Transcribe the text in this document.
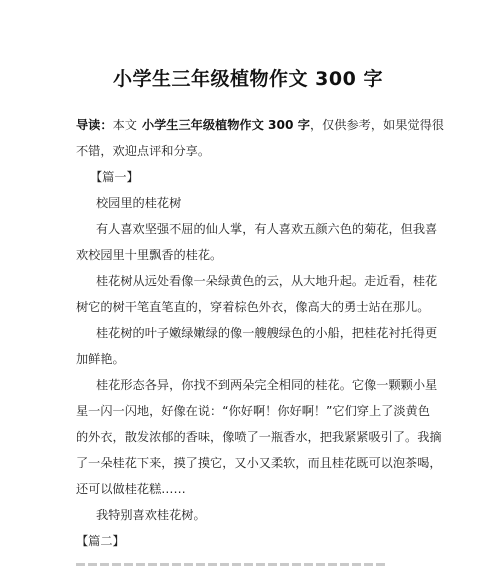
小学生三年级植物作文 300 字
导读：本文 小学生三年级植物作文 300 字，仅供参考，如果觉得很
不错，欢迎点评和分享。
【篇一】
校园里的桂花树
有人喜欢坚强不屈的仙人掌，有人喜欢五颜六色的菊花，但我喜
欢校园里十里飘香的桂花。
桂花树从远处看像一朵绿黄色的云，从大地升起。走近看，桂花
树它的树干笔直笔直的，穿着棕色外衣，像高大的勇士站在那儿。
桂花树的叶子嫩绿嫩绿的像一艘艘绿色的小船，把桂花衬托得更
加鲜艳。
桂花形态各异，你找不到两朵完全相同的桂花。它像一颗颗小星
星一闪一闪地，好像在说：“你好啊！你好啊！”它们穿上了淡黄色
的外衣，散发浓郁的香味，像喷了一瓶香水，把我紧紧吸引了。我摘
了一朵桂花下来，摸了摸它，又小又柔软，而且桂花既可以泡茶喝，
还可以做桂花糕……
我特别喜欢桂花树。
【篇二】
